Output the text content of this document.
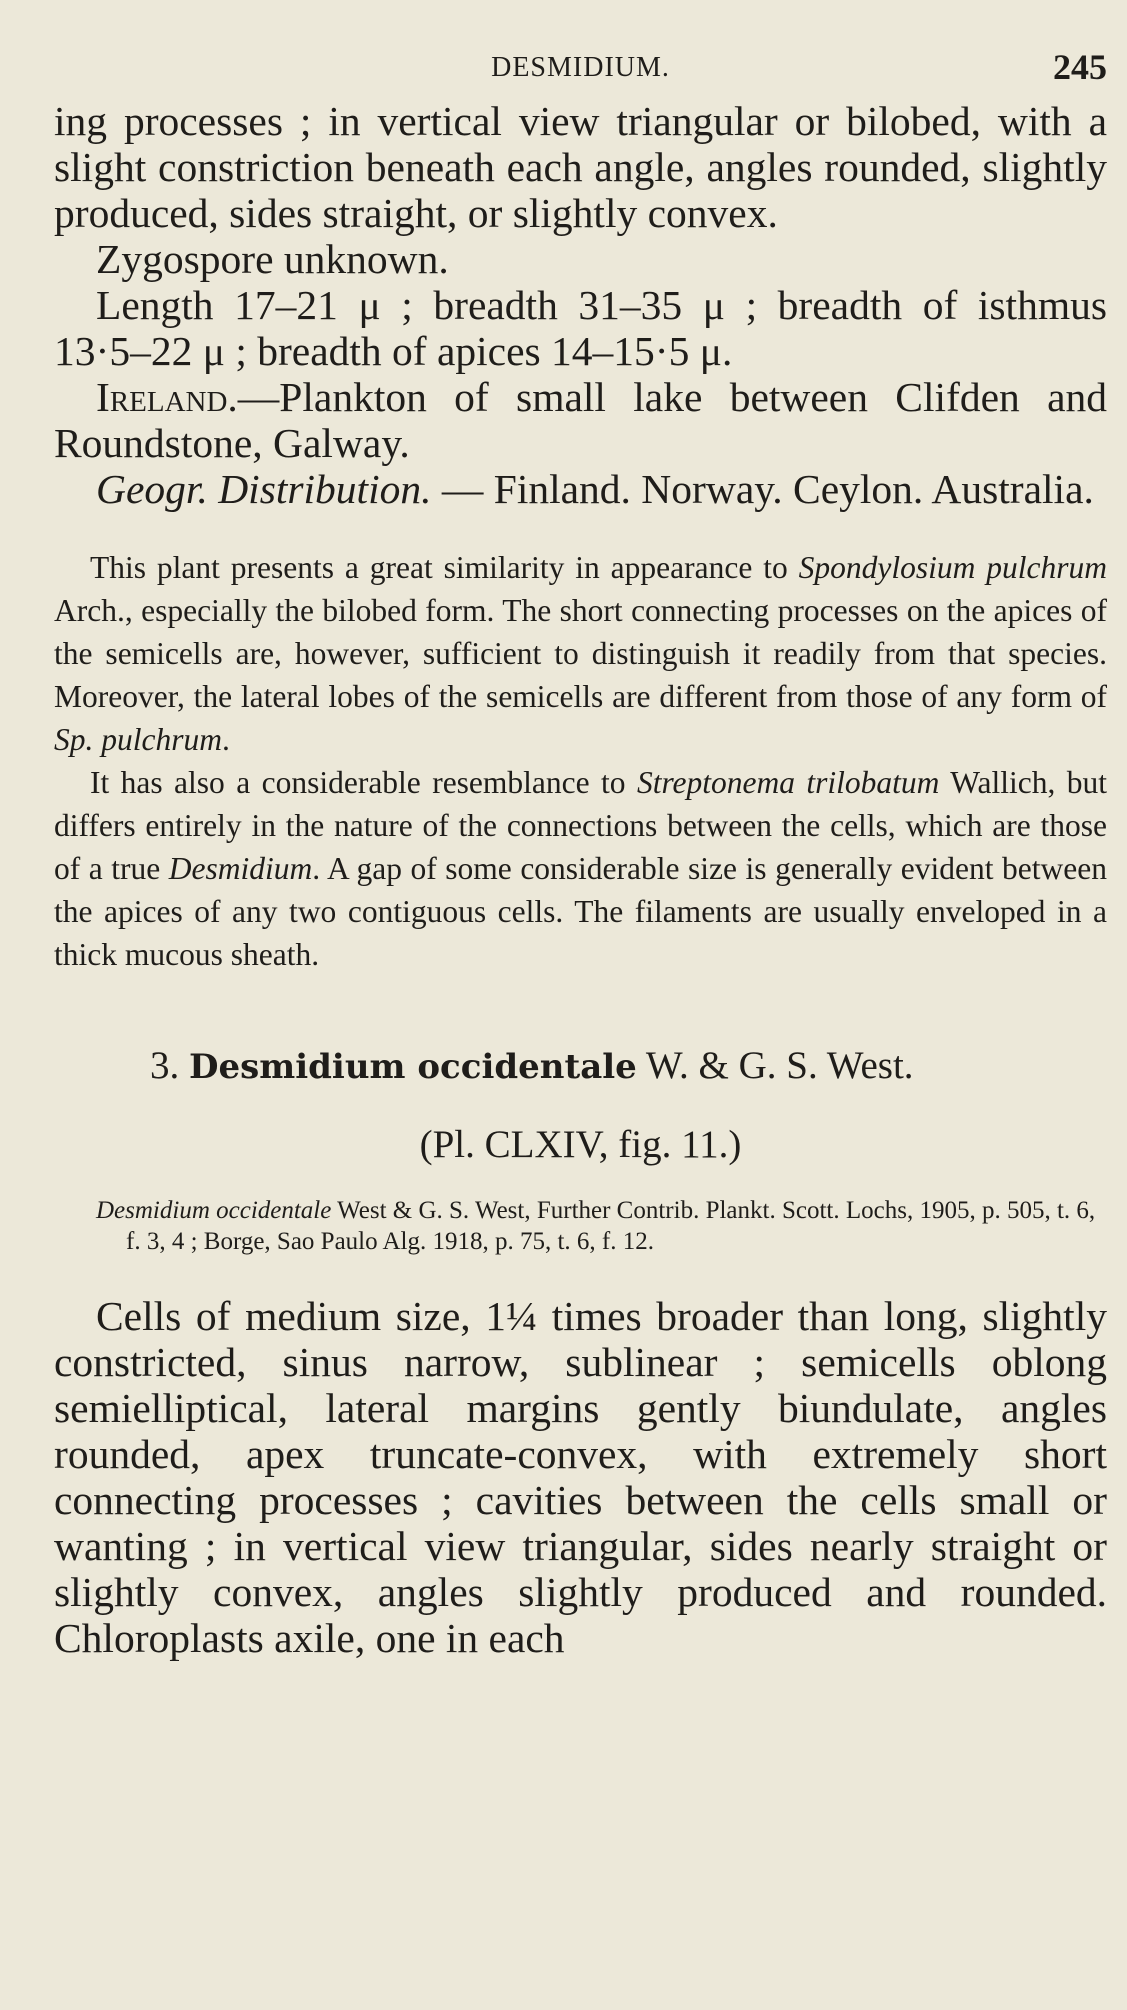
DESMIDIUM.	245

ing processes ; in vertical view triangular or bilobed, with a slight constriction beneath each angle, angles rounded, slightly produced, sides straight, or slightly convex.

Zygospore unknown.

Length 17–21 μ ; breadth 31–35 μ ; breadth of isthmus 13·5–22 μ ; breadth of apices 14–15·5 μ.

Ireland.—Plankton of small lake between Clifden and Roundstone, Galway.

Geogr. Distribution. — Finland. Norway. Ceylon. Australia.

This plant presents a great similarity in appearance to Spondylosium pulchrum Arch., especially the bilobed form. The short connecting processes on the apices of the semicells are, however, sufficient to distinguish it readily from that species. Moreover, the lateral lobes of the semicells are different from those of any form of Sp. pulchrum.

It has also a considerable resemblance to Streptonema trilobatum Wallich, but differs entirely in the nature of the connections between the cells, which are those of a true Desmidium. A gap of some considerable size is generally evident between the apices of any two contiguous cells. The filaments are usually enveloped in a thick mucous sheath.

3. Desmidium occidentale W. & G. S. West.

(Pl. CLXIV, fig. 11.)

Desmidium occidentale West & G. S. West, Further Contrib. Plankt. Scott. Lochs, 1905, p. 505, t. 6, f. 3, 4 ; Borge, Sao Paulo Alg. 1918, p. 75, t. 6, f. 12.

Cells of medium size, 1¼ times broader than long, slightly constricted, sinus narrow, sublinear ; semicells oblong semielliptical, lateral margins gently biundulate, angles rounded, apex truncate-convex, with extremely short connecting processes ; cavities between the cells small or wanting ; in vertical view triangular, sides nearly straight or slightly convex, angles slightly produced and rounded. Chloroplasts axile, one in each
